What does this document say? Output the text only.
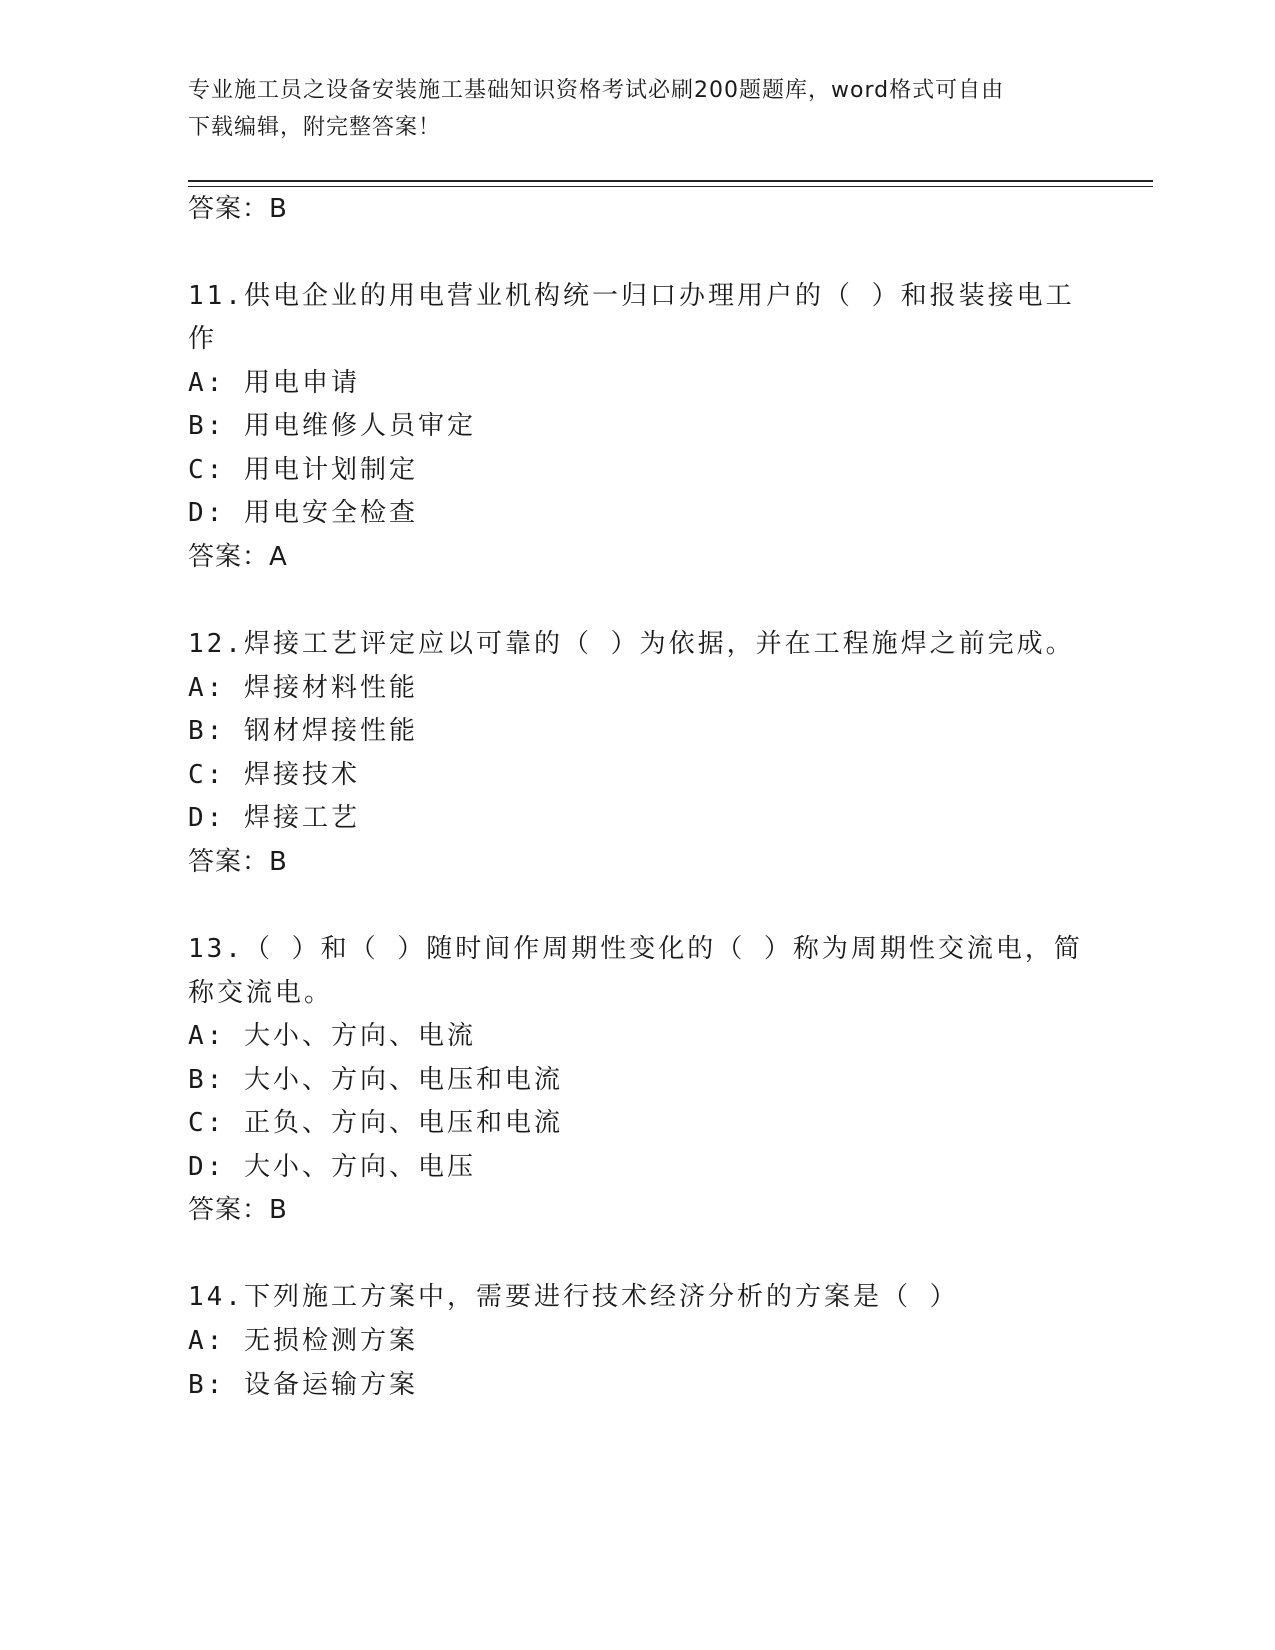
专业施工员之设备安装施工基础知识资格考试必刷200题题库，word格式可自由
下载编辑，附完整答案！
答案：B
11.供电企业的用电营业机构统一归口办理用户的（ ）和报装接电工
作
A: 用电申请
B: 用电维修人员审定
C: 用电计划制定
D: 用电安全检查
答案：A
12.焊接工艺评定应以可靠的（ ）为依据，并在工程施焊之前完成。
A: 焊接材料性能
B: 钢材焊接性能
C: 焊接技术
D: 焊接工艺
答案：B
13.（ ）和（ ）随时间作周期性变化的（ ）称为周期性交流电，简
称交流电。
A: 大小、方向、电流
B: 大小、方向、电压和电流
C: 正负、方向、电压和电流
D: 大小、方向、电压
答案：B
14.下列施工方案中，需要进行技术经济分析的方案是（ ）
A: 无损检测方案
B: 设备运输方案
